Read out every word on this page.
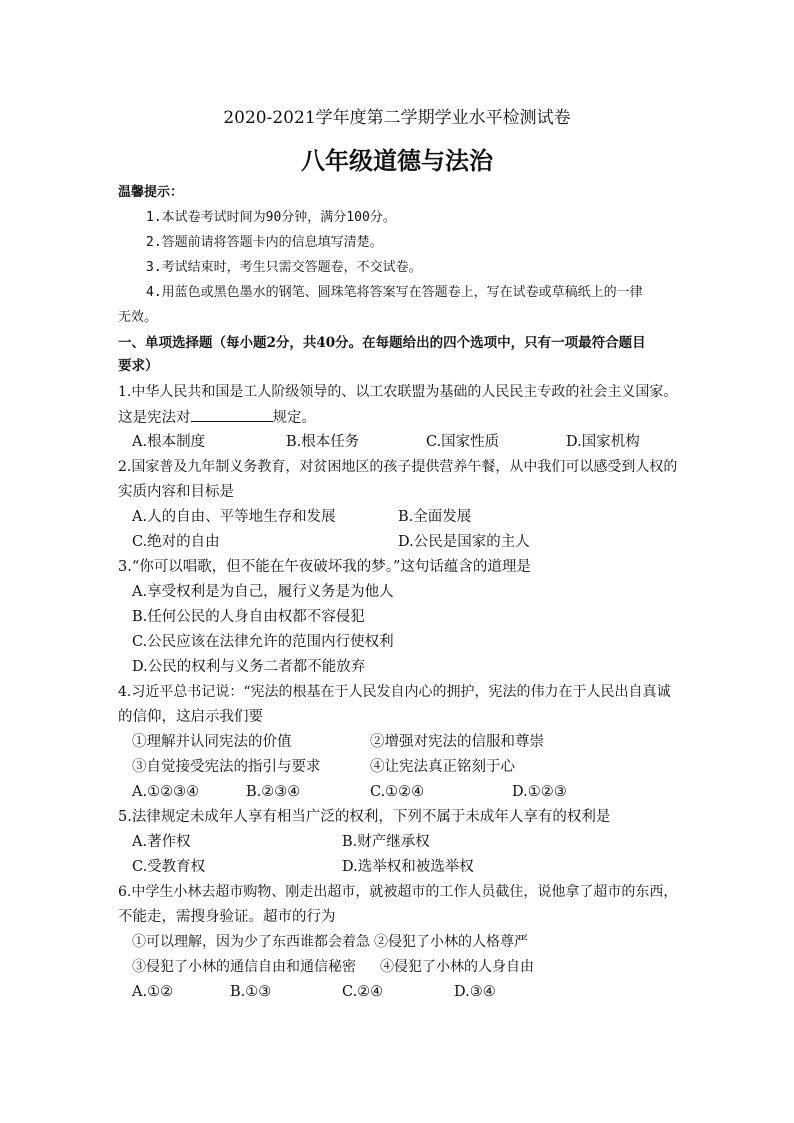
2020-2021学年度第二学期学业水平检测试卷
八年级道德与法治
温馨提示：
1.本试卷考试时间为90分钟，满分100分。
2.答题前请将答题卡内的信息填写清楚。
3.考试结束时，考生只需交答题卷，不交试卷。
4.用蓝色或黑色墨水的钢笔、圆珠笔将答案写在答题卷上，写在试卷或草稿纸上的一律
无效。
一、单项选择题（每小题2分，共40分。在每题给出的四个选项中，只有一项最符合题目
要求）
1.中华人民共和国是工人阶级领导的、以工农联盟为基础的人民民主专政的社会主义国家。
这是宪法对	规定。
A.根本制度	B.根本任务	C.国家性质	D.国家机构
2.国家普及九年制义务教育，对贫困地区的孩子提供营养午餐，从中我们可以感受到人权的
实质内容和目标是
A.人的自由、平等地生存和发展	B.全面发展
C.绝对的自由	D.公民是国家的主人
3.“你可以唱歌，但不能在午夜破坏我的梦。”这句话蕴含的道理是
A.享受权利是为自己，履行义务是为他人
B.任何公民的人身自由权都不容侵犯
C.公民应该在法律允许的范围内行使权利
D.公民的权利与义务二者都不能放弃
4.习近平总书记说：“宪法的根基在于人民发自内心的拥护，宪法的伟力在于人民出自真诚
的信仰，这启示我们要
①理解并认同宪法的价值	②增强对宪法的信服和尊崇
③自觉接受宪法的指引与要求	④让宪法真正铭刻于心
A.①②③④	B.②③④	C.①②④	D.①②③
5.法律规定未成年人享有相当广泛的权利，下列不属于未成年人享有的权利是
A.著作权	B.财产继承权
C.受教育权	D.选举权和被选举权
6.中学生小林去超市购物、刚走出超市，就被超市的工作人员截住，说他拿了超市的东西，
不能走，需搜身验证。超市的行为
①可以理解，因为少了东西谁都会着急 ②侵犯了小林的人格尊严
③侵犯了小林的通信自由和通信秘密 ④侵犯了小林的人身自由
A.①②	B.①③	C.②④	D.③④
